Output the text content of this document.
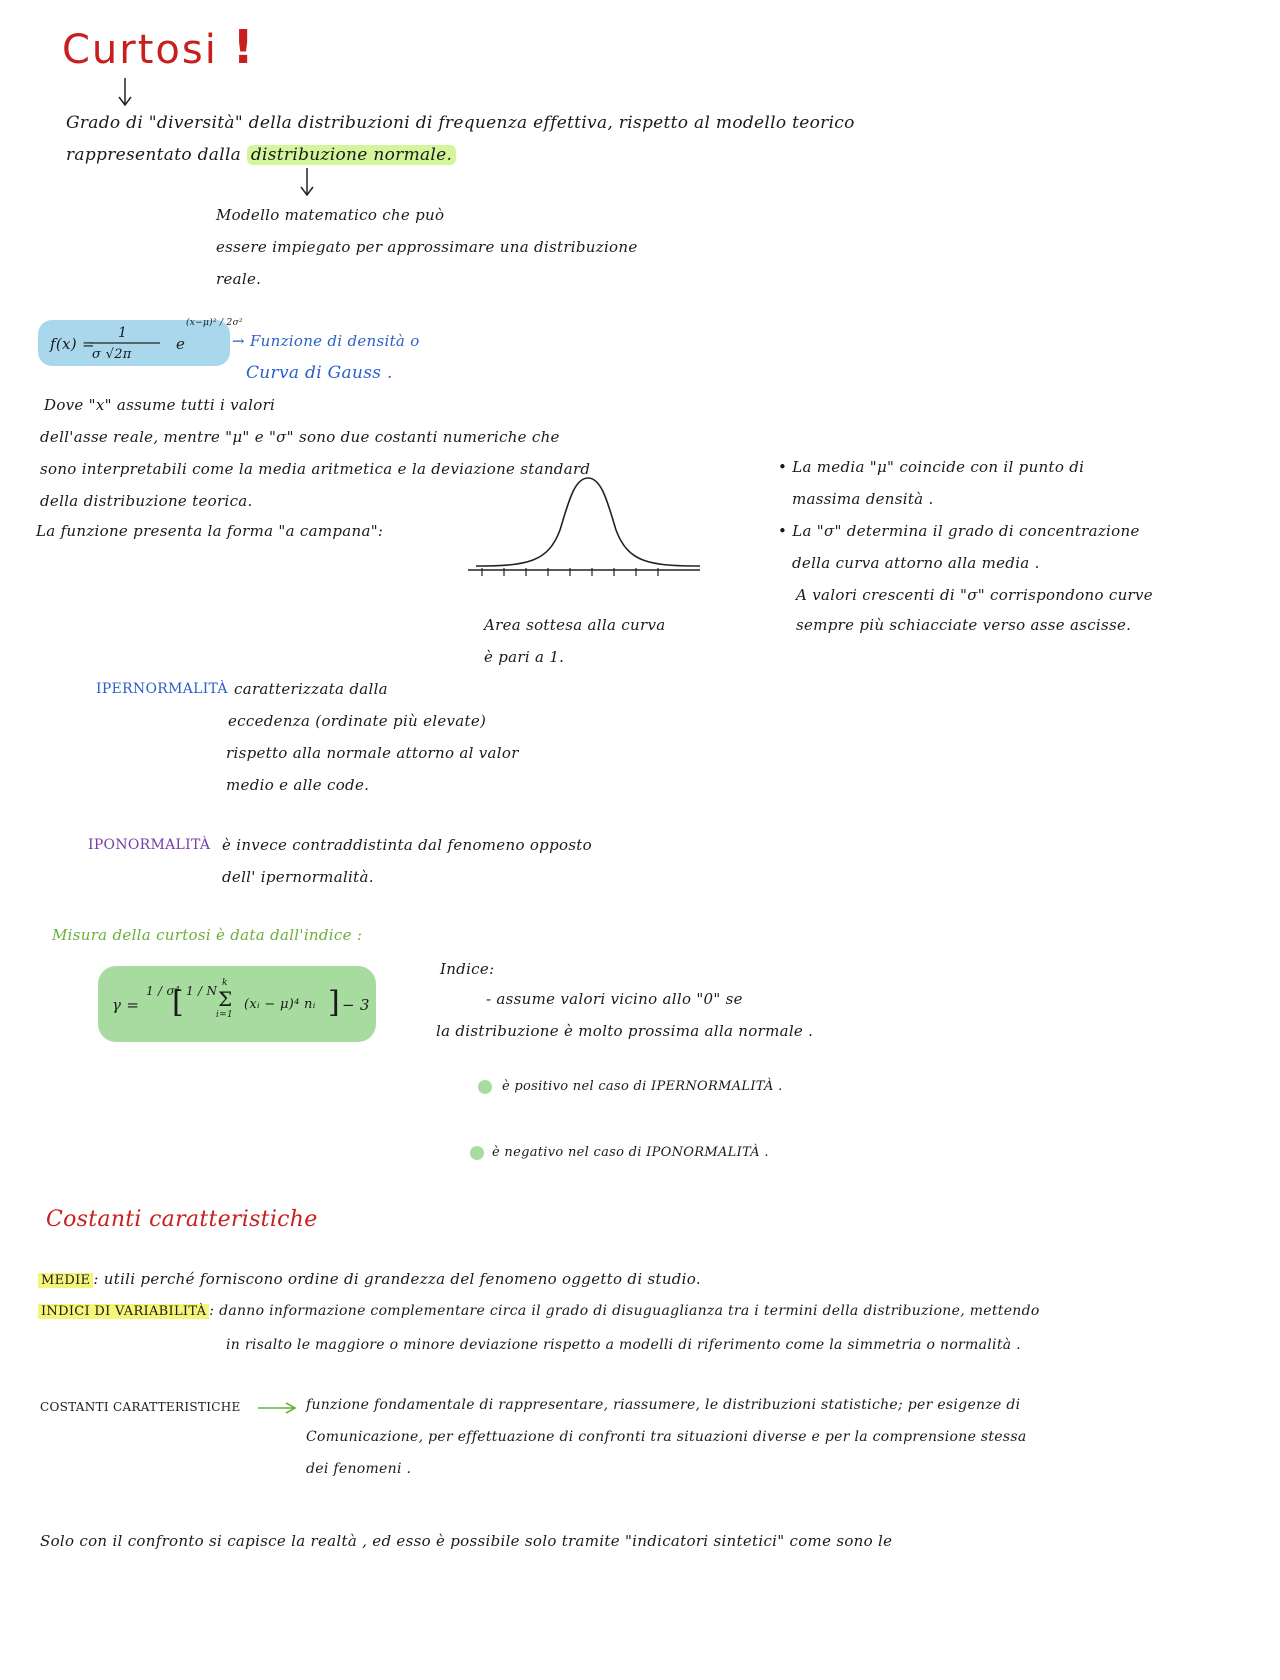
Curtosi !
Grado di "diversità" della distribuzioni di frequenza effettiva, rispetto al modello teorico
rappresentato dalla distribuzione normale.
Modello matematico che può
essere impiegato per approssimare una distribuzione
reale.
f(x) =
1
σ √2π
e
(x−μ)² / 2σ²
→ Funzione di densità o
Curva di Gauss .
Dove "x" assume tutti i valori
dell'asse reale, mentre "μ" e "σ" sono due costanti numeriche che
sono interpretabili come la media aritmetica e la deviazione standard
della distribuzione teorica.
La funzione presenta la forma "a campana":
• La media "μ" coincide con il punto di
massima densità .
• La "σ" determina il grado di concentrazione
della curva attorno alla media .
A valori crescenti di "σ" corrispondono curve
sempre più schiacciate verso asse ascisse.
Area sottesa alla curva
è pari a 1.
IPERNORMALITÀ caratterizzata dalla
eccedenza (ordinate più elevate)
rispetto alla normale attorno al valor
medio e alle code.
IPONORMALITÀ è invece contraddistinta dal fenomeno opposto
dell' ipernormalità.
Misura della curtosi è data dall'indice :
γ =
1 / σ⁴
[ 1 / N
k
Σ
i=1
(xᵢ − μ)⁴ nᵢ ] − 3
Indice:
- assume valori vicino allo "0" se
la distribuzione è molto prossima alla normale .
è positivo nel caso di IPERNORMALITÀ .
è negativo nel caso di IPONORMALITÀ .
Costanti caratteristiche
MEDIE : utili perché forniscono ordine di grandezza del fenomeno oggetto di studio.
INDICI DI VARIABILITÀ : danno informazione complementare circa il grado di disuguaglianza tra i termini della distribuzione, mettendo
in risalto le maggiore o minore deviazione rispetto a modelli di riferimento come la simmetria o normalità .
COSTANTI CARATTERISTICHE	funzione fondamentale di rappresentare, riassumere, le distribuzioni statistiche; per esigenze di
Comunicazione, per effettuazione di confronti tra situazioni diverse e per la comprensione stessa
dei fenomeni .
Solo con il confronto si capisce la realtà , ed esso è possibile solo tramite "indicatori sintetici" come sono le
